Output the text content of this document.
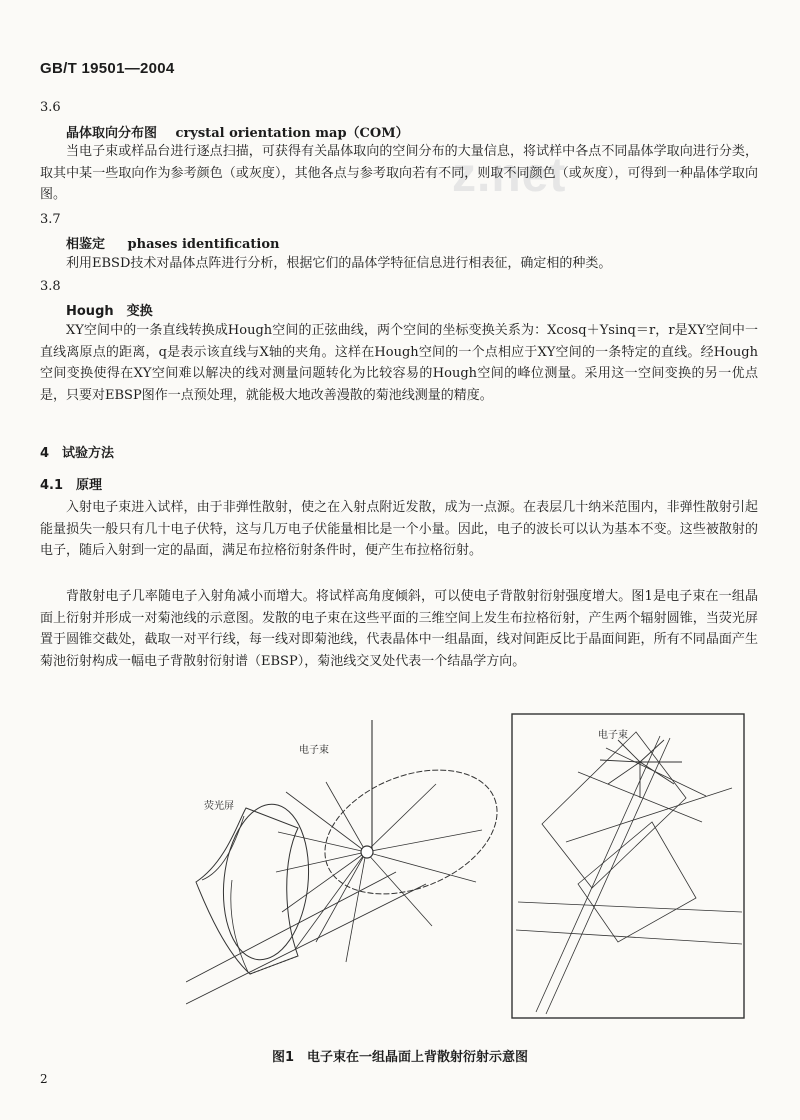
GB/T 19501—2004
z.net
3.6
晶体取向分布图 crystal orientation map（COM）

当电子束或样品台进行逐点扫描，可获得有关晶体取向的空间分布的大量信息，将试样中各点不同晶体学取向进行分类，取其中某一些取向作为参考颜色（或灰度），其他各点与参考取向若有不同，则取不同颜色（或灰度），可得到一种晶体学取向图。

3.7
相鉴定 phases identification

利用EBSD技术对晶体点阵进行分析，根据它们的晶体学特征信息进行相表征，确定相的种类。

3.8
Hough　变换

XY空间中的一条直线转换成Hough空间的正弦曲线，两个空间的坐标变换关系为：Xcosq＋Ysinq＝r，r是XY空间中一直线离原点的距离，q是表示该直线与X轴的夹角。这样在Hough空间的一个点相应于XY空间的一条特定的直线。经Hough空间变换使得在XY空间难以解决的线对测量问题转化为比较容易的Hough空间的峰位测量。采用这一空间变换的另一优点是，只要对EBSP图作一点预处理，就能极大地改善漫散的菊池线测量的精度。

4　试验方法
4.1　原理

入射电子束进入试样，由于非弹性散射，使之在入射点附近发散，成为一点源。在表层几十纳米范围内，非弹性散射引起能量损失一般只有几十电子伏特，这与几万电子伏能量相比是一个小量。因此，电子的波长可以认为基本不变。这些被散射的电子，随后入射到一定的晶面，满足布拉格衍射条件时，便产生布拉格衍射。

背散射电子几率随电子入射角减小而增大。将试样高角度倾斜，可以使电子背散射衍射强度增大。图1是电子束在一组晶面上衍射并形成一对菊池线的示意图。发散的电子束在这些平面的三维空间上发生布拉格衍射，产生两个辐射圆锥，当荧光屏置于圆锥交截处，截取一对平行线，每一线对即菊池线，代表晶体中一组晶面，线对间距反比于晶面间距，所有不同晶面产生菊池衍射构成一幅电子背散射衍射谱（EBSP），菊池线交叉处代表一个结晶学方向。

电子束
荧光屏
电子束
图1　电子束在一组晶面上背散射衍射示意图
2
